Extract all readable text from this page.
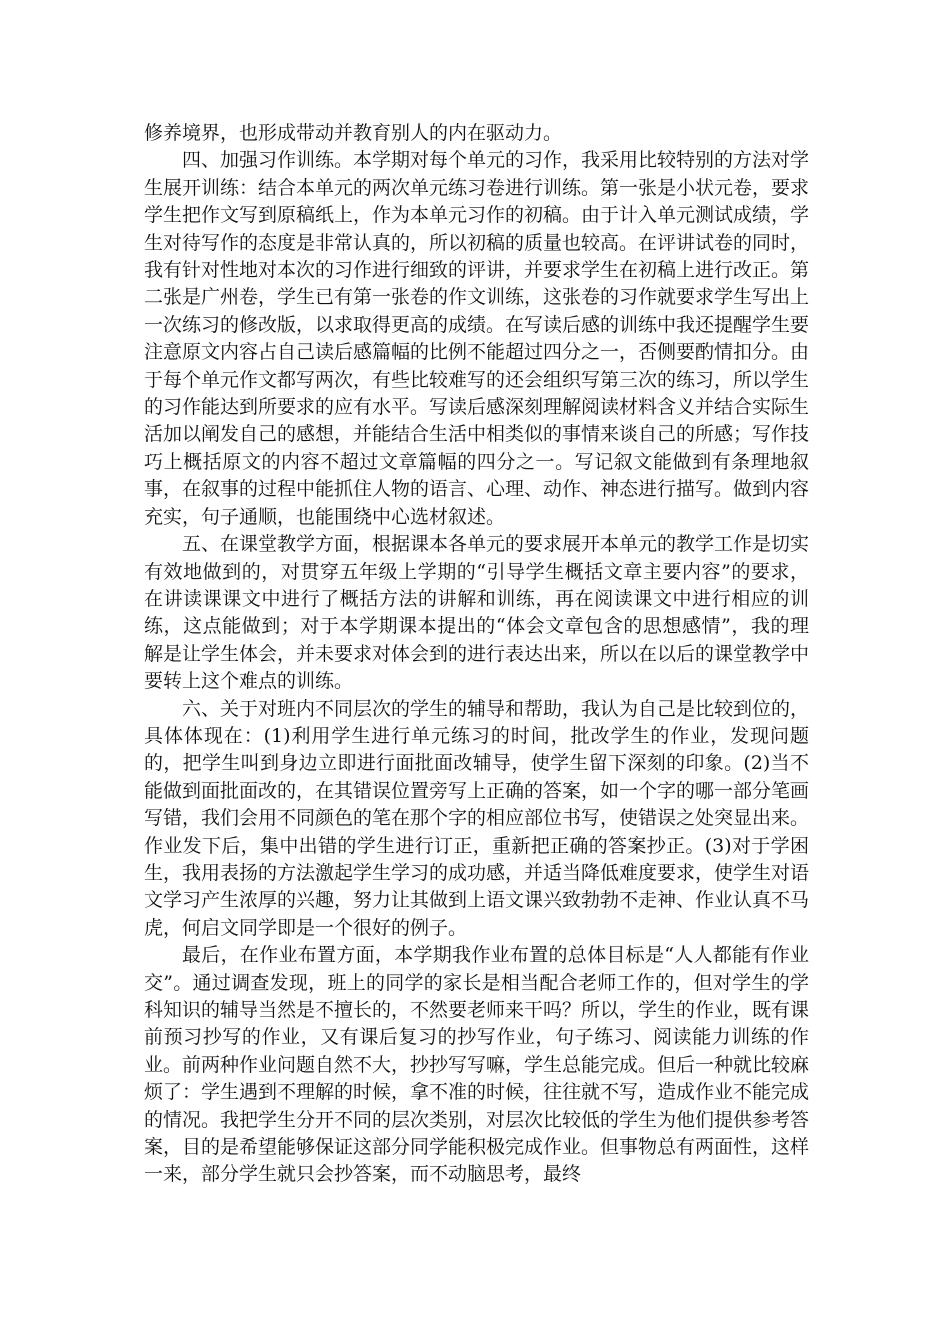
修养境界，也形成带动并教育别人的内在驱动力。

四、加强习作训练。本学期对每个单元的习作，我采用比较特别的方法对学生展开训练：结合本单元的两次单元练习卷进行训练。第一张是小状元卷，要求学生把作文写到原稿纸上，作为本单元习作的初稿。由于计入单元测试成绩，学生对待写作的态度是非常认真的，所以初稿的质量也较高。在评讲试卷的同时，我有针对性地对本次的习作进行细致的评讲，并要求学生在初稿上进行改正。第二张是广州卷，学生已有第一张卷的作文训练，这张卷的习作就要求学生写出上一次练习的修改版，以求取得更高的成绩。在写读后感的训练中我还提醒学生要注意原文内容占自己读后感篇幅的比例不能超过四分之一，否侧要酌情扣分。由于每个单元作文都写两次，有些比较难写的还会组织写第三次的练习，所以学生的习作能达到所要求的应有水平。写读后感深刻理解阅读材料含义并结合实际生活加以阐发自己的感想，并能结合生活中相类似的事情来谈自己的所感；写作技巧上概括原文的内容不超过文章篇幅的四分之一。写记叙文能做到有条理地叙事，在叙事的过程中能抓住人物的语言、心理、动作、神态进行描写。做到内容充实，句子通顺，也能围绕中心选材叙述。

五、在课堂教学方面，根据课本各单元的要求展开本单元的教学工作是切实有效地做到的，对贯穿五年级上学期的“引导学生概括文章主要内容”的要求，在讲读课课文中进行了概括方法的讲解和训练，再在阅读课文中进行相应的训练，这点能做到；对于本学期课本提出的“体会文章包含的思想感情”，我的理解是让学生体会，并未要求对体会到的进行表达出来，所以在以后的课堂教学中要转上这个难点的训练。

六、关于对班内不同层次的学生的辅导和帮助，我认为自己是比较到位的，具体体现在：(1)利用学生进行单元练习的时间，批改学生的作业，发现问题的，把学生叫到身边立即进行面批面改辅导，使学生留下深刻的印象。(2)当不能做到面批面改的，在其错误位置旁写上正确的答案，如一个字的哪一部分笔画写错，我们会用不同颜色的笔在那个字的相应部位书写，使错误之处突显出来。作业发下后，集中出错的学生进行订正，重新把正确的答案抄正。(3)对于学困生，我用表扬的方法激起学生学习的成功感，并适当降低难度要求，使学生对语文学习产生浓厚的兴趣，努力让其做到上语文课兴致勃勃不走神、作业认真不马虎，何启文同学即是一个很好的例子。

最后，在作业布置方面，本学期我作业布置的总体目标是“人人都能有作业交”。通过调查发现，班上的同学的家长是相当配合老师工作的，但对学生的学科知识的辅导当然是不擅长的，不然要老师来干吗？所以，学生的作业，既有课前预习抄写的作业，又有课后复习的抄写作业，句子练习、阅读能力训练的作业。前两种作业问题自然不大，抄抄写写嘛，学生总能完成。但后一种就比较麻烦了：学生遇到不理解的时候，拿不准的时候，往往就不写，造成作业不能完成的情况。我把学生分开不同的层次类别，对层次比较低的学生为他们提供参考答案，目的是希望能够保证这部分同学能积极完成作业。但事物总有两面性，这样一来，部分学生就只会抄答案，而不动脑思考，最终
